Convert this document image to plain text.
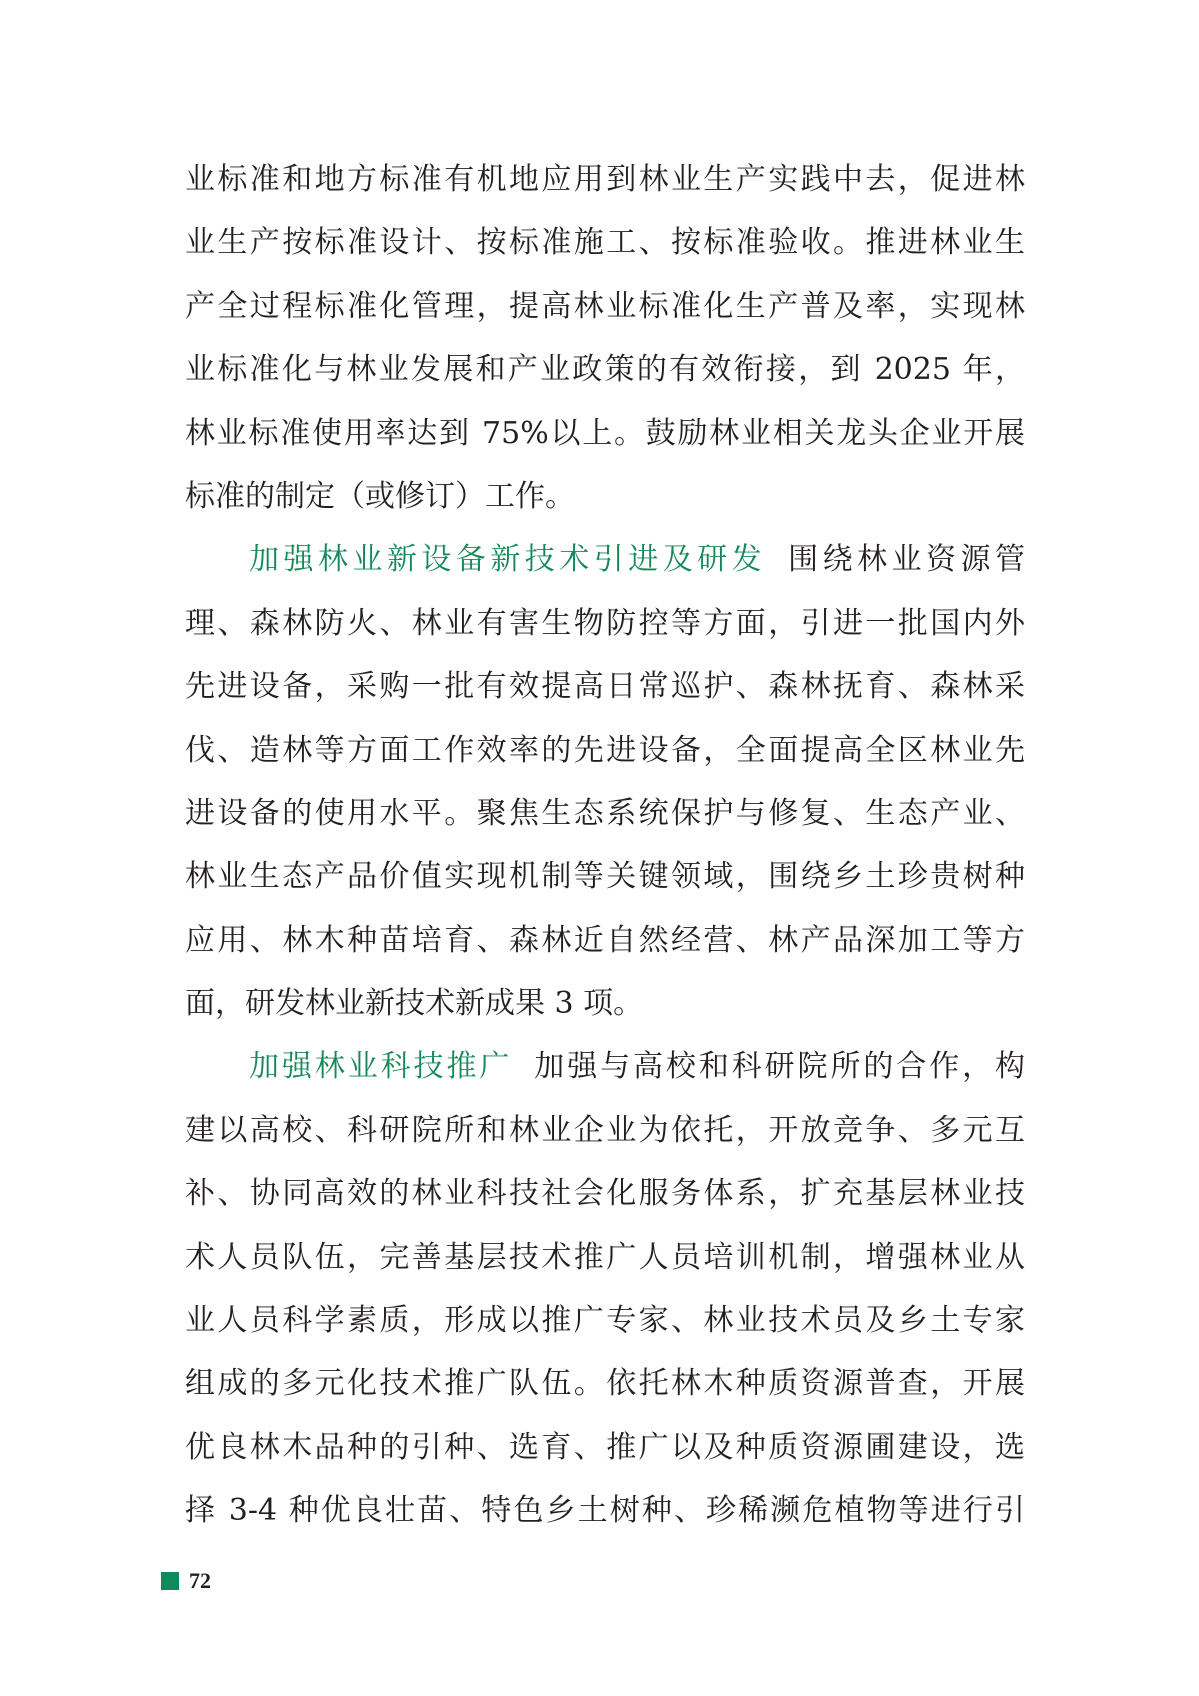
业标准和地方标准有机地应用到林业生产实践中去，促进林
业生产按标准设计、按标准施工、按标准验收。推进林业生
产全过程标准化管理，提高林业标准化生产普及率，实现林
业标准化与林业发展和产业政策的有效衔接，到 2025 年，
林业标准使用率达到 75%以上。鼓励林业相关龙头企业开展
标准的制定（或修订）工作。
加强林业新设备新技术引进及研发 围绕林业资源管
理、森林防火、林业有害生物防控等方面，引进一批国内外
先进设备，采购一批有效提高日常巡护、森林抚育、森林采
伐、造林等方面工作效率的先进设备，全面提高全区林业先
进设备的使用水平。聚焦生态系统保护与修复、生态产业、
林业生态产品价值实现机制等关键领域，围绕乡土珍贵树种
应用、林木种苗培育、森林近自然经营、林产品深加工等方
面，研发林业新技术新成果 3 项。
加强林业科技推广 加强与高校和科研院所的合作，构
建以高校、科研院所和林业企业为依托，开放竞争、多元互
补、协同高效的林业科技社会化服务体系，扩充基层林业技
术人员队伍，完善基层技术推广人员培训机制，增强林业从
业人员科学素质，形成以推广专家、林业技术员及乡土专家
组成的多元化技术推广队伍。依托林木种质资源普查，开展
优良林木品种的引种、选育、推广以及种质资源圃建设，选
择 3-4 种优良壮苗、特色乡土树种、珍稀濒危植物等进行引
72
